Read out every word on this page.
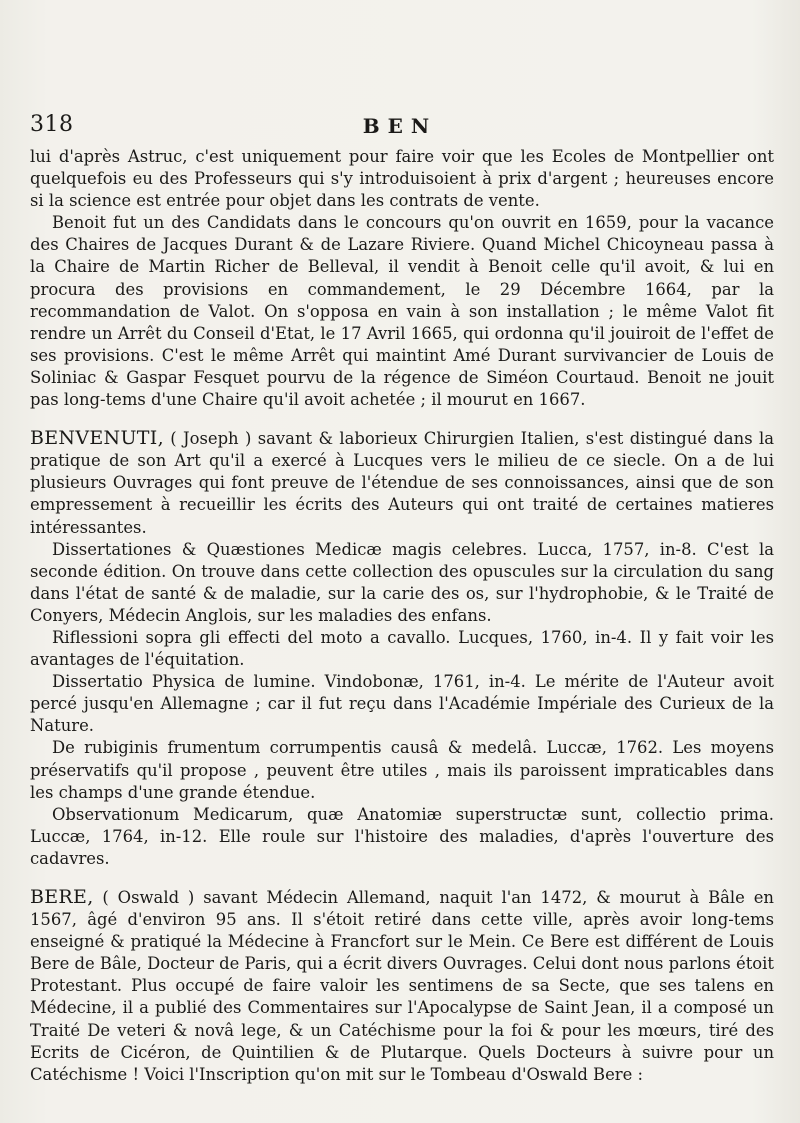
318	BEN

lui d'après Astruc, c'est uniquement pour faire voir que les Ecoles de Montpellier ont quelquefois eu des Professeurs qui s'y introduisoient à prix d'argent ; heureuses encore si la science est entrée pour objet dans les contrats de vente.

Benoit fut un des Candidats dans le concours qu'on ouvrit en 1659, pour la vacance des Chaires de Jacques Durant & de Lazare Riviere. Quand Michel Chicoyneau passa à la Chaire de Martin Richer de Belleval, il vendit à Benoit celle qu'il avoit, & lui en procura des provisions en commandement, le 29 Décembre 1664, par la recommandation de Valot. On s'opposa en vain à son installation ; le même Valot fit rendre un Arrêt du Conseil d'Etat, le 17 Avril 1665, qui ordonna qu'il jouiroit de l'effet de ses provisions. C'est le même Arrêt qui maintint Amé Durant survivancier de Louis de Soliniac & Gaspar Fesquet pourvu de la régence de Siméon Courtaud. Benoit ne jouit pas long-tems d'une Chaire qu'il avoit achetée ; il mourut en 1667.

BENVENUTI, ( Joseph ) savant & laborieux Chirurgien Italien, s'est distingué dans la pratique de son Art qu'il a exercé à Lucques vers le milieu de ce siecle. On a de lui plusieurs Ouvrages qui font preuve de l'étendue de ses connoissances, ainsi que de son empressement à recueillir les écrits des Auteurs qui ont traité de certaines matieres intéressantes.

Dissertationes & Quæstiones Medicæ magis celebres. Lucca, 1757, in-8. C'est la seconde édition. On trouve dans cette collection des opuscules sur la circulation du sang dans l'état de santé & de maladie, sur la carie des os, sur l'hydrophobie, & le Traité de Conyers, Médecin Anglois, sur les maladies des enfans.

Riflessioni sopra gli effecti del moto a cavallo. Lucques, 1760, in-4. Il y fait voir les avantages de l'équitation.

Dissertatio Physica de lumine. Vindobonæ, 1761, in-4. Le mérite de l'Auteur avoit percé jusqu'en Allemagne ; car il fut reçu dans l'Académie Impériale des Curieux de la Nature.

De rubiginis frumentum corrumpentis causâ & medelâ. Luccæ, 1762. Les moyens préservatifs qu'il propose , peuvent être utiles , mais ils paroissent impraticables dans les champs d'une grande étendue.

Observationum Medicarum, quæ Anatomiæ superstructæ sunt, collectio prima. Luccæ, 1764, in-12. Elle roule sur l'histoire des maladies, d'après l'ouverture des cadavres.

BERE, ( Oswald ) savant Médecin Allemand, naquit l'an 1472, & mourut à Bâle en 1567, âgé d'environ 95 ans. Il s'étoit retiré dans cette ville, après avoir long-tems enseigné & pratiqué la Médecine à Francfort sur le Mein. Ce Bere est différent de Louis Bere de Bâle, Docteur de Paris, qui a écrit divers Ouvrages. Celui dont nous parlons étoit Protestant. Plus occupé de faire valoir les sentimens de sa Secte, que ses talens en Médecine, il a publié des Commentaires sur l'Apocalypse de Saint Jean, il a composé un Traité De veteri & novâ lege, & un Catéchisme pour la foi & pour les mœurs, tiré des Ecrits de Cicéron, de Quintilien & de Plutarque. Quels Docteurs à suivre pour un Catéchisme ! Voici l'Inscription qu'on mit sur le Tombeau d'Oswald Bere :
